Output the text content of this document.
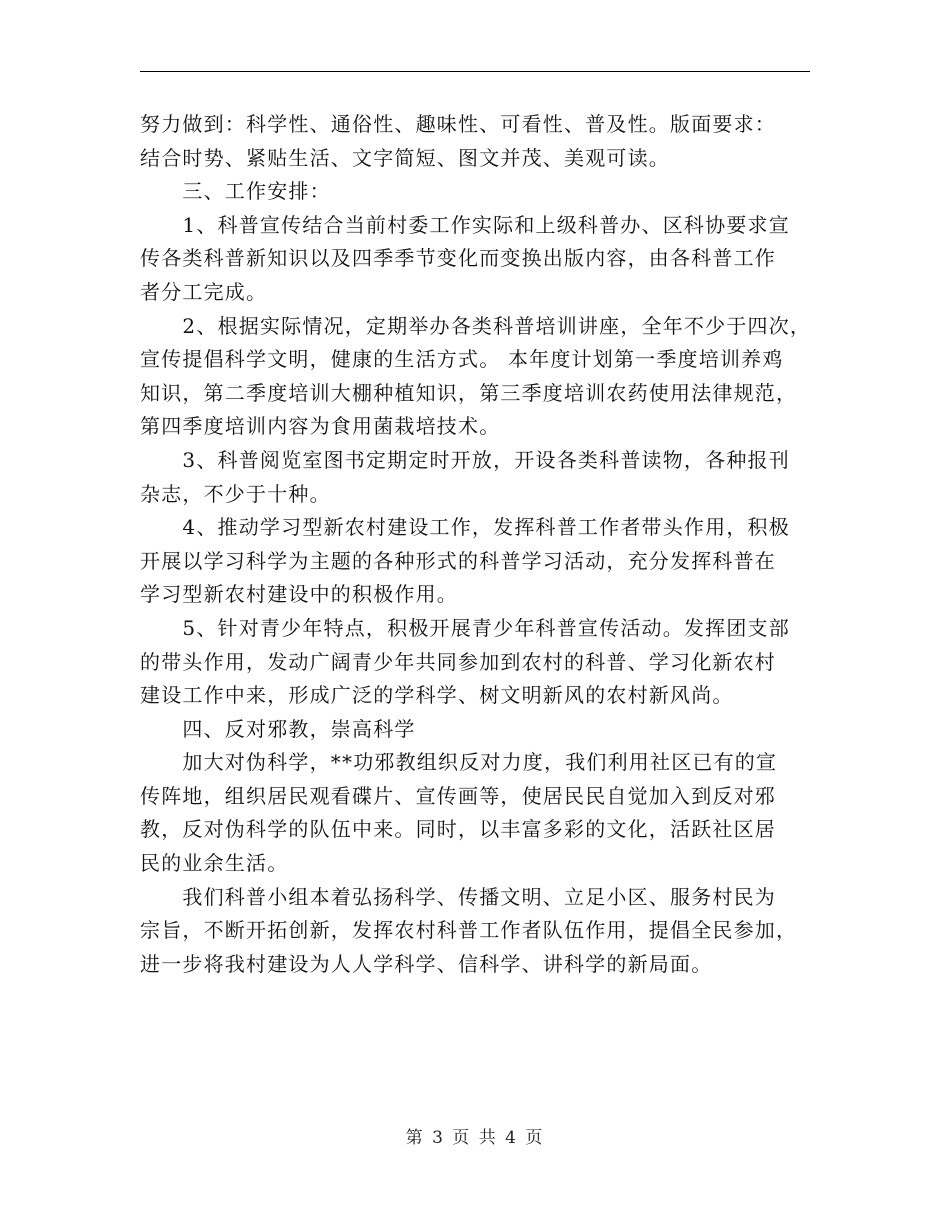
努力做到：科学性、通俗性、趣味性、可看性、普及性。版面要求：
结合时势、紧贴生活、文字简短、图文并茂、美观可读。
　　三、工作安排：
　　1、科普宣传结合当前村委工作实际和上级科普办、区科协要求宣
传各类科普新知识以及四季季节变化而变换出版内容，由各科普工作
者分工完成。
　　2、根据实际情况，定期举办各类科普培训讲座，全年不少于四次，
宣传提倡科学文明，健康的生活方式。 本年度计划第一季度培训养鸡
知识，第二季度培训大棚种植知识，第三季度培训农药使用法律规范，
第四季度培训内容为食用菌栽培技术。
　　3、科普阅览室图书定期定时开放，开设各类科普读物，各种报刊
杂志，不少于十种。
　　4、推动学习型新农村建设工作，发挥科普工作者带头作用，积极
开展以学习科学为主题的各种形式的科普学习活动，充分发挥科普在
学习型新农村建设中的积极作用。
　　5、针对青少年特点，积极开展青少年科普宣传活动。发挥团支部
的带头作用，发动广阔青少年共同参加到农村的科普、学习化新农村
建设工作中来，形成广泛的学科学、树文明新风的农村新风尚。
　　四、反对邪教，崇高科学
　　加大对伪科学，**功邪教组织反对力度，我们利用社区已有的宣
传阵地，组织居民观看碟片、宣传画等，使居民民自觉加入到反对邪
教，反对伪科学的队伍中来。同时，以丰富多彩的文化，活跃社区居
民的业余生活。
　　我们科普小组本着弘扬科学、传播文明、立足小区、服务村民为
宗旨，不断开拓创新，发挥农村科普工作者队伍作用，提倡全民参加，
进一步将我村建设为人人学科学、信科学、讲科学的新局面。
第 3 页 共 4 页
